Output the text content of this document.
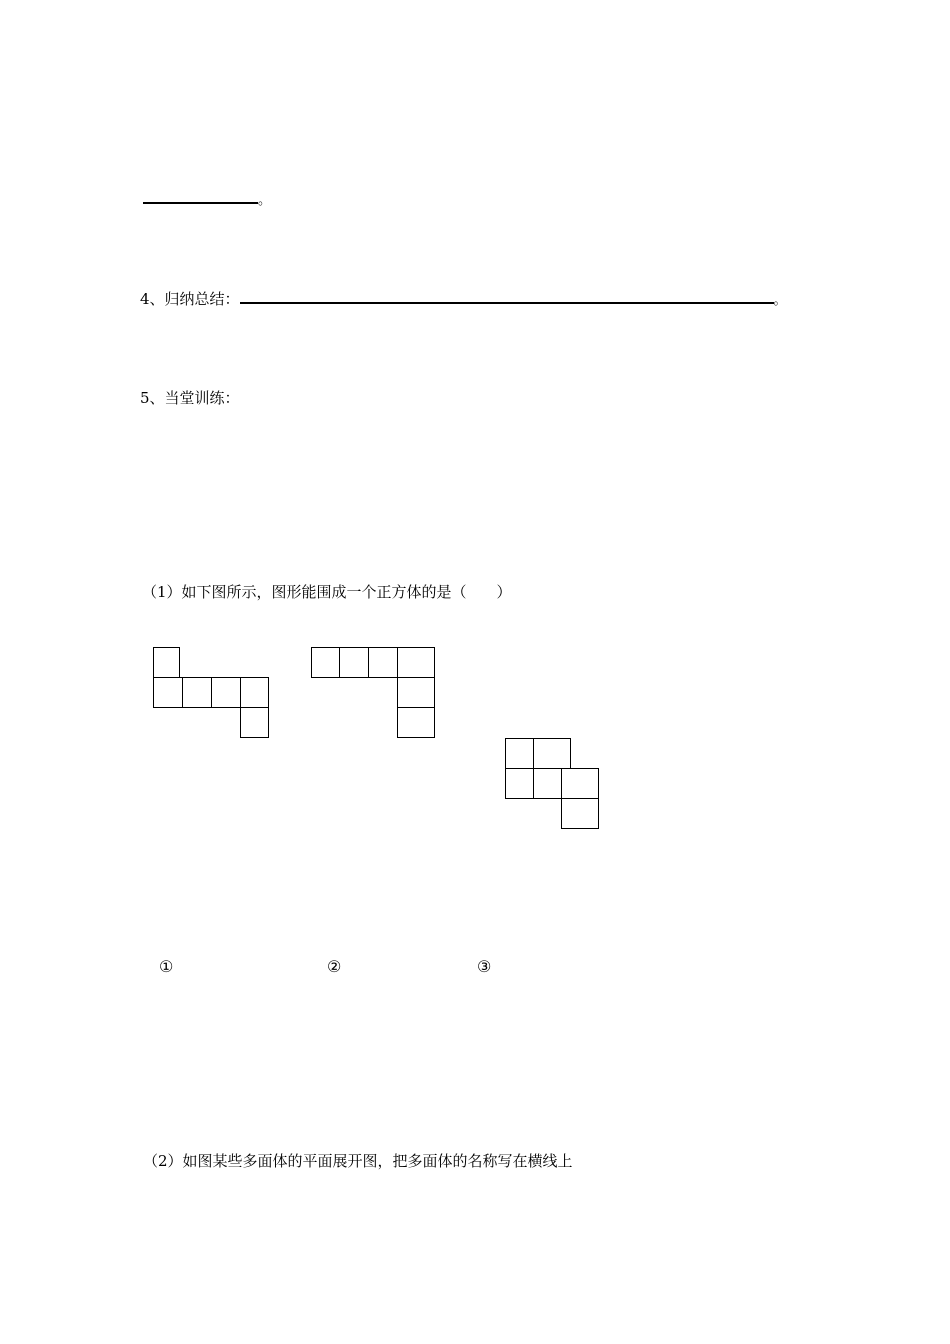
。
4、归纳总结：	。
5、当堂训练：
（1）如下图所示，图形能围成一个正方体的是（　　）
①	②	③
（2）如图某些多面体的平面展开图，把多面体的名称写在横线上
